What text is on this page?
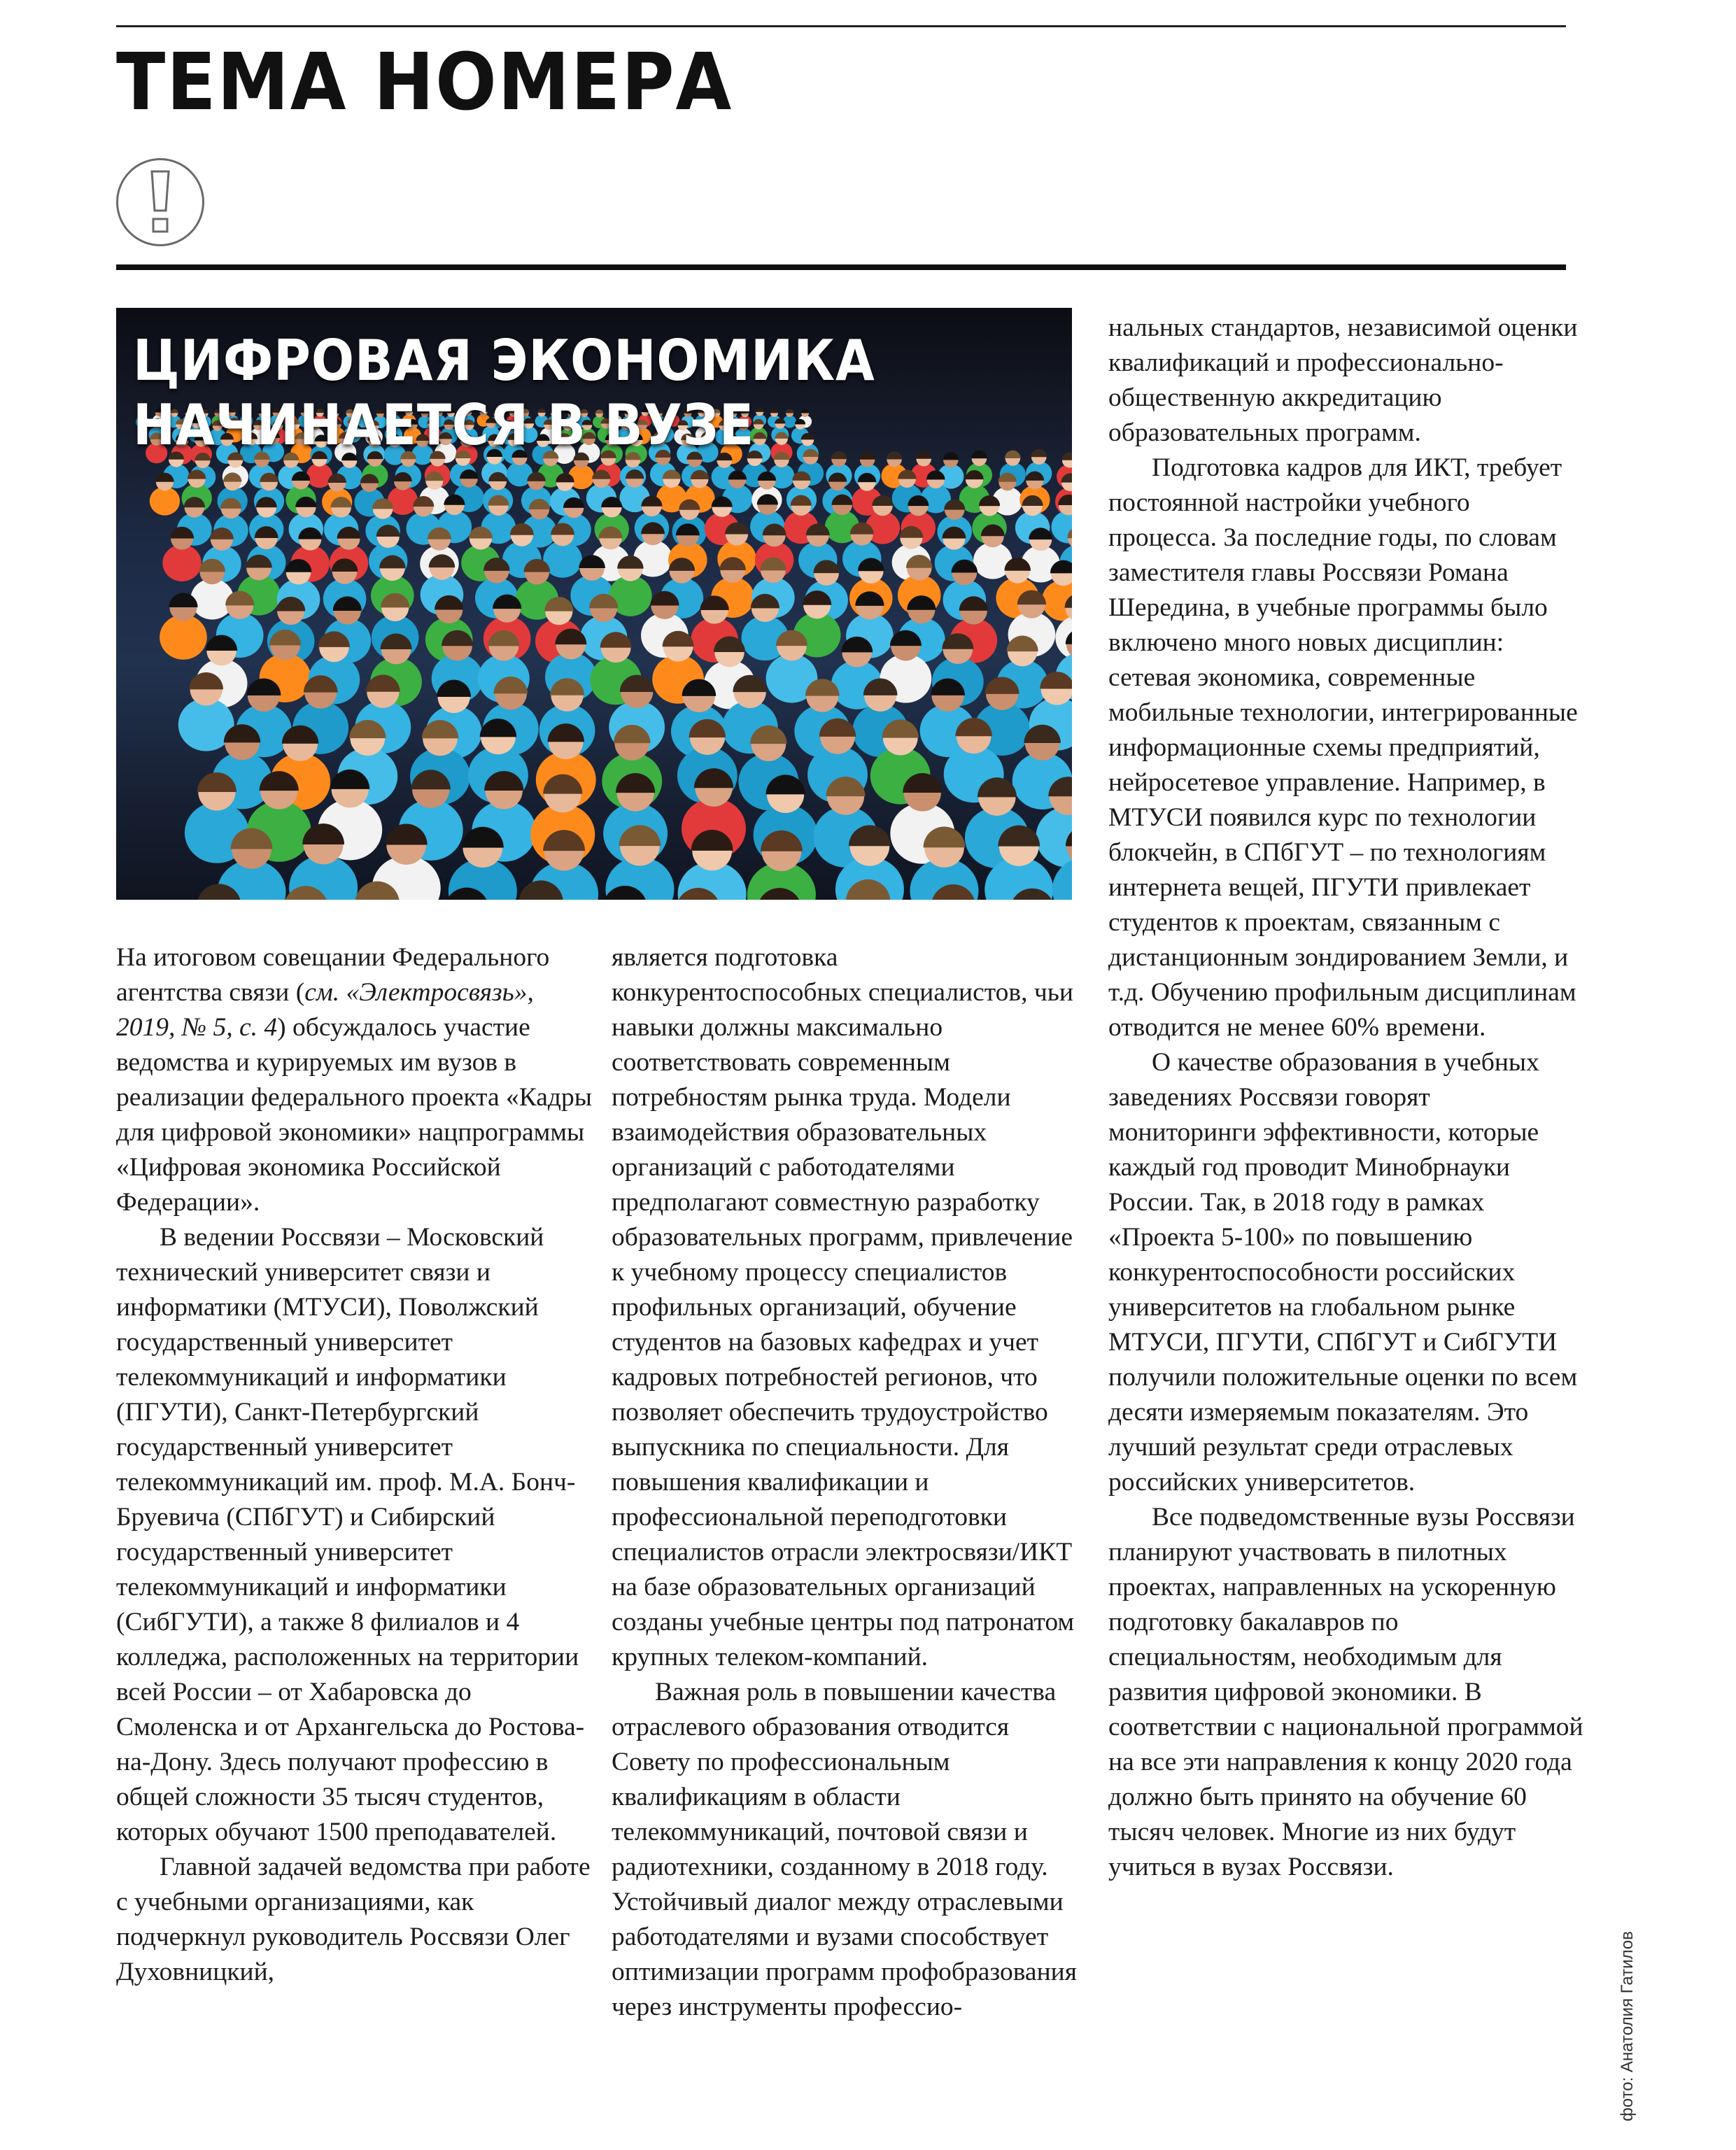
ТЕМА НОМЕРА
ЦИФРОВАЯ ЭКОНОМИКА
НАЧИНАЕТСЯ В ВУЗЕ

На итоговом совещании Федерального агентства связи (см. «Электросвязь», 2019, № 5, с. 4) обсуждалось участие ведомства и курируемых им вузов в реализации федерального проекта «Кадры для цифровой экономики» нацпрограммы «Цифровая экономика Российской Федерации».

В ведении Россвязи – Московский технический университет связи и информатики (МТУСИ), Поволжский государственный университет телекоммуникаций и информатики (ПГУТИ), Санкт-Петербургский государственный университет телекоммуникаций им. проф. М.А. Бонч-Бруевича (СПбГУТ) и Сибирский государственный университет телекоммуникаций и информатики (СибГУТИ), а также 8 филиалов и 4 колледжа, расположенных на территории всей России – от Хабаровска до Смоленска и от Архангельска до Ростова-на-Дону. Здесь получают профессию в общей сложности 35 тысяч студентов, которых обучают 1500 преподавателей.

Главной задачей ведомства при работе с учебными организациями, как подчеркнул руководитель Россвязи Олег Духовницкий,

является подготовка конкурентоспособных специалистов, чьи навыки должны максимально соответствовать современным потребностям рынка труда. Модели взаимодействия образовательных организаций с работодателями предполагают совместную разработку образовательных программ, привлечение к учебному процессу специалистов профильных организаций, обучение студентов на базовых кафедрах и учет кадровых потребностей регионов, что позволяет обеспечить трудоустройство выпускника по специальности. Для повышения квалификации и профессиональной переподготовки специалистов отрасли электросвязи/ИКТ на базе образовательных организаций созданы учебные центры под патронатом крупных телеком-компаний.

Важная роль в повышении качества отраслевого образования отводится Совету по профессиональным квалификациям в области телекоммуникаций, почтовой связи и радиотехники, созданному в 2018 году. Устойчивый диалог между отраслевыми работодателями и вузами способствует оптимизации программ профобразования через инструменты профессио-

нальных стандартов, независимой оценки квалификаций и профессионально-общественную аккредитацию образовательных программ.

Подготовка кадров для ИКТ, требует постоянной настройки учебного процесса. За последние годы, по словам заместителя главы Россвязи Романа Шередина, в учебные программы было включено много новых дисциплин: сетевая экономика, современные мобильные технологии, интегрированные информационные схемы предприятий, нейросетевое управление. Например, в МТУСИ появился курс по технологии блокчейн, в СПбГУТ – по технологиям интернета вещей, ПГУТИ привлекает студентов к проектам, связанным с дистанционным зондированием Земли, и т.д. Обучению профильным дисциплинам отводится не менее 60% времени.

О качестве образования в учебных заведениях Россвязи говорят мониторинги эффективности, которые каждый год проводит Минобрнауки России. Так, в 2018 году в рамках «Проекта 5-100» по повышению конкурентоспособности российских университетов на глобальном рынке МТУСИ, ПГУТИ, СПбГУТ и СибГУТИ получили положительные оценки по всем десяти измеряемым показателям. Это лучший результат среди отраслевых российских университетов.

Все подведомственные вузы Россвязи планируют участвовать в пилотных проектах, направленных на ускоренную подготовку бакалавров по специальностям, необходимым для развития цифровой экономики. В соответствии с национальной программой на все эти направления к концу 2020 года должно быть принято на обучение 60 тысяч человек. Многие из них будут учиться в вузах Россвязи.

фото: Анатолия Гатилов
